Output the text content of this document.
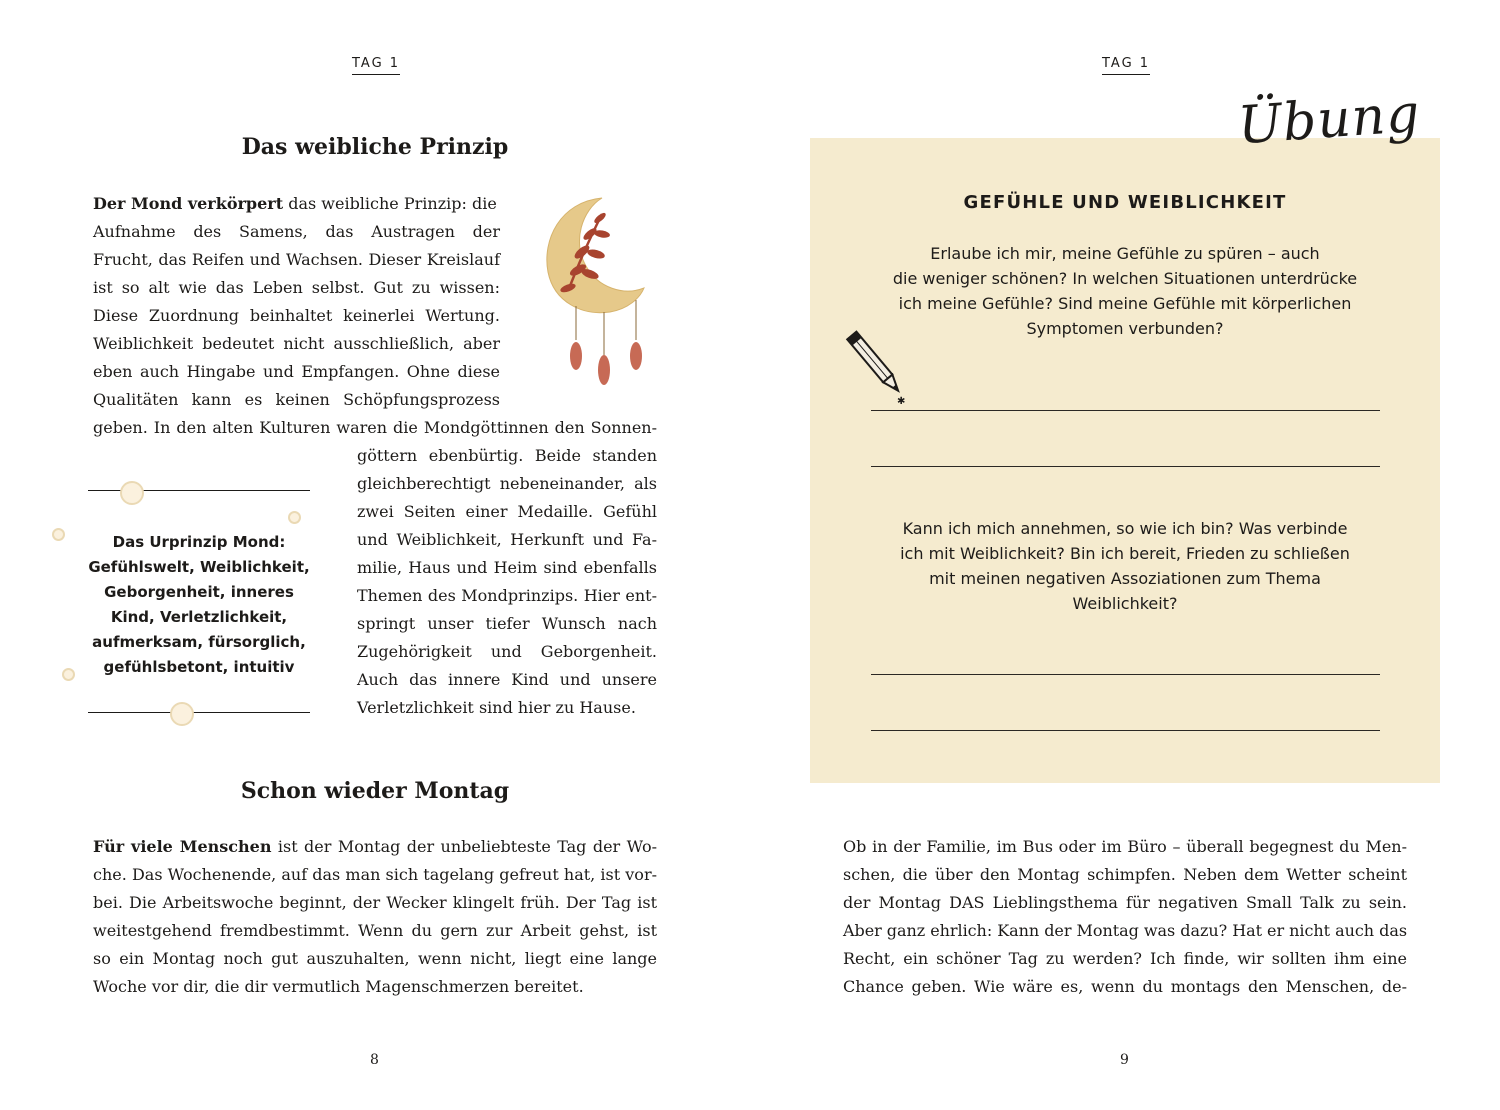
TAG 1
Das weibliche Prinzip
Der Mond verkörpert das weibliche Prinzip: die
Aufnahme des Samens, das Austragen der
Frucht, das Reifen und Wachsen. Dieser Kreislauf
ist so alt wie das Leben selbst. Gut zu wissen:
Diese Zuordnung beinhaltet keinerlei Wertung.
Weiblichkeit bedeutet nicht ausschließlich, aber
eben auch Hingabe und Empfangen. Ohne diese
Qualitäten kann es keinen Schöpfungsprozess
geben. In den alten Kulturen waren die Mondgöttinnen den Sonnen-
göttern ebenbürtig. Beide standen
gleichberechtigt nebeneinander, als
zwei Seiten einer Medaille. Gefühl
und Weiblichkeit, Herkunft und Fa-
milie, Haus und Heim sind ebenfalls
Themen des Mondprinzips. Hier ent-
springt unser tiefer Wunsch nach
Zugehörigkeit und Geborgenheit.
Auch das innere Kind und unsere
Verletzlichkeit sind hier zu Hause.
Das Urprinzip Mond:
Gefühlswelt, Weiblichkeit,
Geborgenheit, inneres
Kind, Verletzlichkeit,
aufmerksam, fürsorglich,
gefühlsbetont, intuitiv
Schon wieder Montag
Für viele Menschen ist der Montag der unbeliebteste Tag der Wo-
che. Das Wochenende, auf das man sich tagelang gefreut hat, ist vor-
bei. Die Arbeitswoche beginnt, der Wecker klingelt früh. Der Tag ist
weitestgehend fremdbestimmt. Wenn du gern zur Arbeit gehst, ist
so ein Montag noch gut auszuhalten, wenn nicht, liegt eine lange
Woche vor dir, die dir vermutlich Magenschmerzen bereitet.
8
TAG 1
Übung
GEFÜHLE UND WEIBLICHKEIT
Erlaube ich mir, meine Gefühle zu spüren – auch
die weniger schönen? In welchen Situationen unterdrücke
ich meine Gefühle? Sind meine Gefühle mit körperlichen
Symptomen verbunden?
✱
Kann ich mich annehmen, so wie ich bin? Was verbinde
ich mit Weiblichkeit? Bin ich bereit, Frieden zu schließen
mit meinen negativen Assoziationen zum Thema
Weiblichkeit?
Ob in der Familie, im Bus oder im Büro – überall begegnest du Men-
schen, die über den Montag schimpfen. Neben dem Wetter scheint
der Montag DAS Lieblingsthema für negativen Small Talk zu sein.
Aber ganz ehrlich: Kann der Montag was dazu? Hat er nicht auch das
Recht, ein schöner Tag zu werden? Ich finde, wir sollten ihm eine
Chance geben. Wie wäre es, wenn du montags den Menschen, de-
9
